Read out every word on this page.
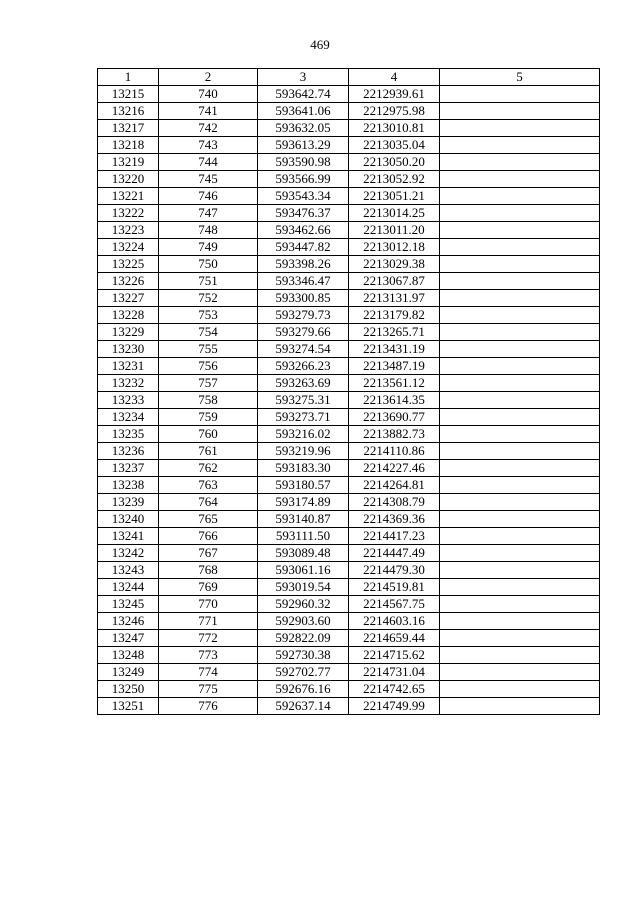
469
1	2	3	4	5
13215	740	593642.74	2212939.61	
13216	741	593641.06	2212975.98	
13217	742	593632.05	2213010.81	
13218	743	593613.29	2213035.04	
13219	744	593590.98	2213050.20	
13220	745	593566.99	2213052.92	
13221	746	593543.34	2213051.21	
13222	747	593476.37	2213014.25	
13223	748	593462.66	2213011.20	
13224	749	593447.82	2213012.18	
13225	750	593398.26	2213029.38	
13226	751	593346.47	2213067.87	
13227	752	593300.85	2213131.97	
13228	753	593279.73	2213179.82	
13229	754	593279.66	2213265.71	
13230	755	593274.54	2213431.19	
13231	756	593266.23	2213487.19	
13232	757	593263.69	2213561.12	
13233	758	593275.31	2213614.35	
13234	759	593273.71	2213690.77	
13235	760	593216.02	2213882.73	
13236	761	593219.96	2214110.86	
13237	762	593183.30	2214227.46	
13238	763	593180.57	2214264.81	
13239	764	593174.89	2214308.79	
13240	765	593140.87	2214369.36	
13241	766	593111.50	2214417.23	
13242	767	593089.48	2214447.49	
13243	768	593061.16	2214479.30	
13244	769	593019.54	2214519.81	
13245	770	592960.32	2214567.75	
13246	771	592903.60	2214603.16	
13247	772	592822.09	2214659.44	
13248	773	592730.38	2214715.62	
13249	774	592702.77	2214731.04	
13250	775	592676.16	2214742.65	
13251	776	592637.14	2214749.99	
